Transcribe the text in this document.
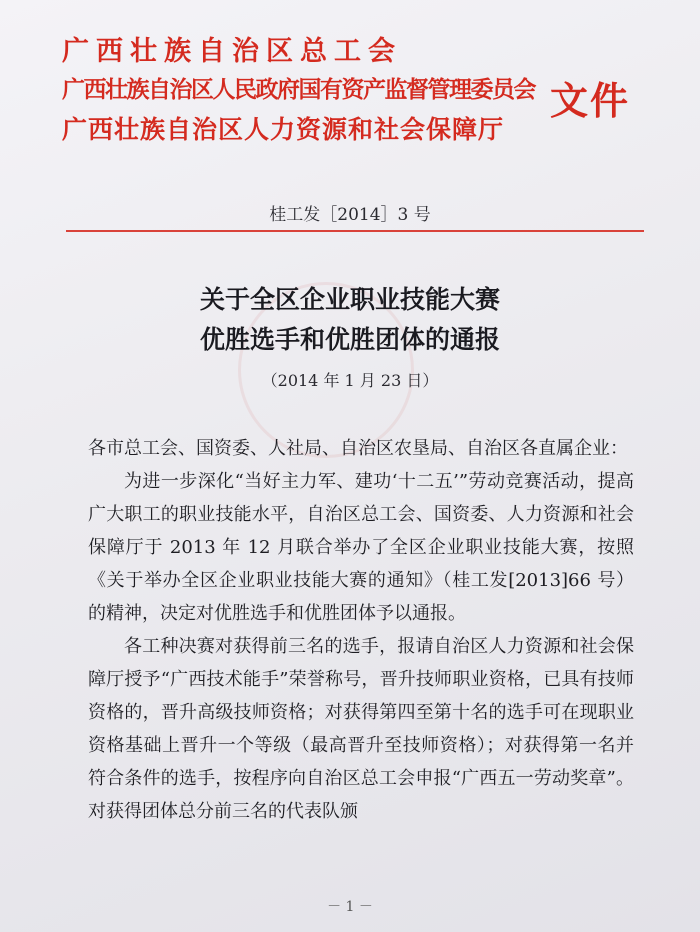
广西壮族自治区总工会
广西壮族自治区人民政府国有资产监督管理委员会
广西壮族自治区人力资源和社会保障厅
文件
桂工发［2014］3 号
关于全区企业职业技能大赛
优胜选手和优胜团体的通报
（2014 年 1 月 23 日）

各市总工会、国资委、人社局、自治区农垦局、自治区各直属企业：

为进一步深化“当好主力军、建功‘十二五’”劳动竞赛活动，提高广大职工的职业技能水平，自治区总工会、国资委、人力资源和社会保障厅于 2013 年 12 月联合举办了全区企业职业技能大赛，按照《关于举办全区企业职业技能大赛的通知》（桂工发[2013]66 号）的精神，决定对优胜选手和优胜团体予以通报。

各工种决赛对获得前三名的选手，报请自治区人力资源和社会保障厅授予“广西技术能手”荣誉称号，晋升技师职业资格，已具有技师资格的，晋升高级技师资格；对获得第四至第十名的选手可在现职业资格基础上晋升一个等级（最高晋升至技师资格）；对获得第一名并符合条件的选手，按程序向自治区总工会申报“广西五一劳动奖章”。对获得团体总分前三名的代表队颁

－ 1 －
